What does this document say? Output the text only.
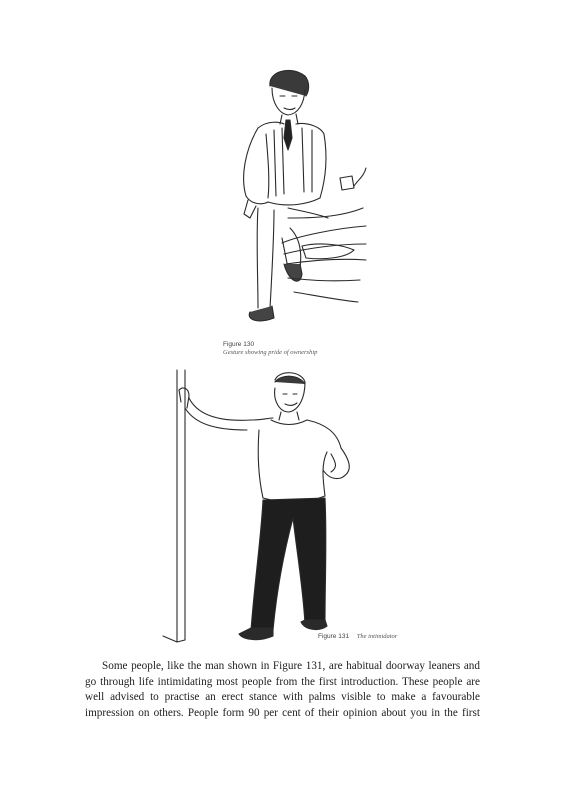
Figure 130
Gesture showing pride of ownership
Figure 131 The intimidator
Some people, like the man shown in Figure 131, are habitual doorway leaners and
go through life intimidating most people from the first introduction. These people are
well advised to practise an erect stance with palms visible to make a favourable
impression on others. People form 90 per cent of their opinion about you in the first
